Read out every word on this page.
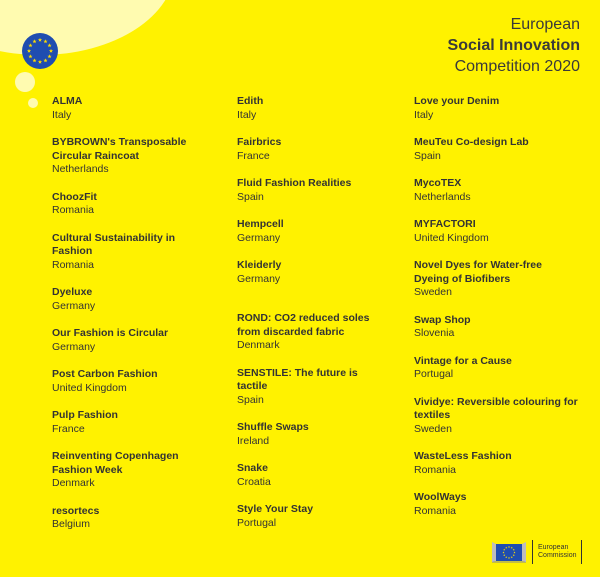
European
Social Innovation
Competition 2020
ALMA
Italy
BYBROWN's Transposable Circular Raincoat
Netherlands
ChoozFit
Romania
Cultural Sustainability in Fashion
Romania
Dyeluxe
Germany
Our Fashion is Circular
Germany
Post Carbon Fashion
United Kingdom
Pulp Fashion
France
Reinventing Copenhagen Fashion Week
Denmark
resortecs
Belgium
Edith
Italy
Fairbrics
France
Fluid Fashion Realities
Spain
Hempcell
Germany
Kleiderly
Germany
ROND: CO2 reduced soles from discarded fabric
Denmark
SENSTILE: The future is tactile
Spain
Shuffle Swaps
Ireland
Snake
Croatia
Style Your Stay
Portugal
Love your Denim
Italy
MeuTeu Co-design Lab
Spain
MycoTEX
Netherlands
MYFACTORI
United Kingdom
Novel Dyes for Water-free Dyeing of Biofibers
Sweden
Swap Shop
Slovenia
Vintage for a Cause
Portugal
Vividye: Reversible colouring for textiles
Sweden
WasteLess Fashion
Romania
WoolWays
Romania
European
Commission
